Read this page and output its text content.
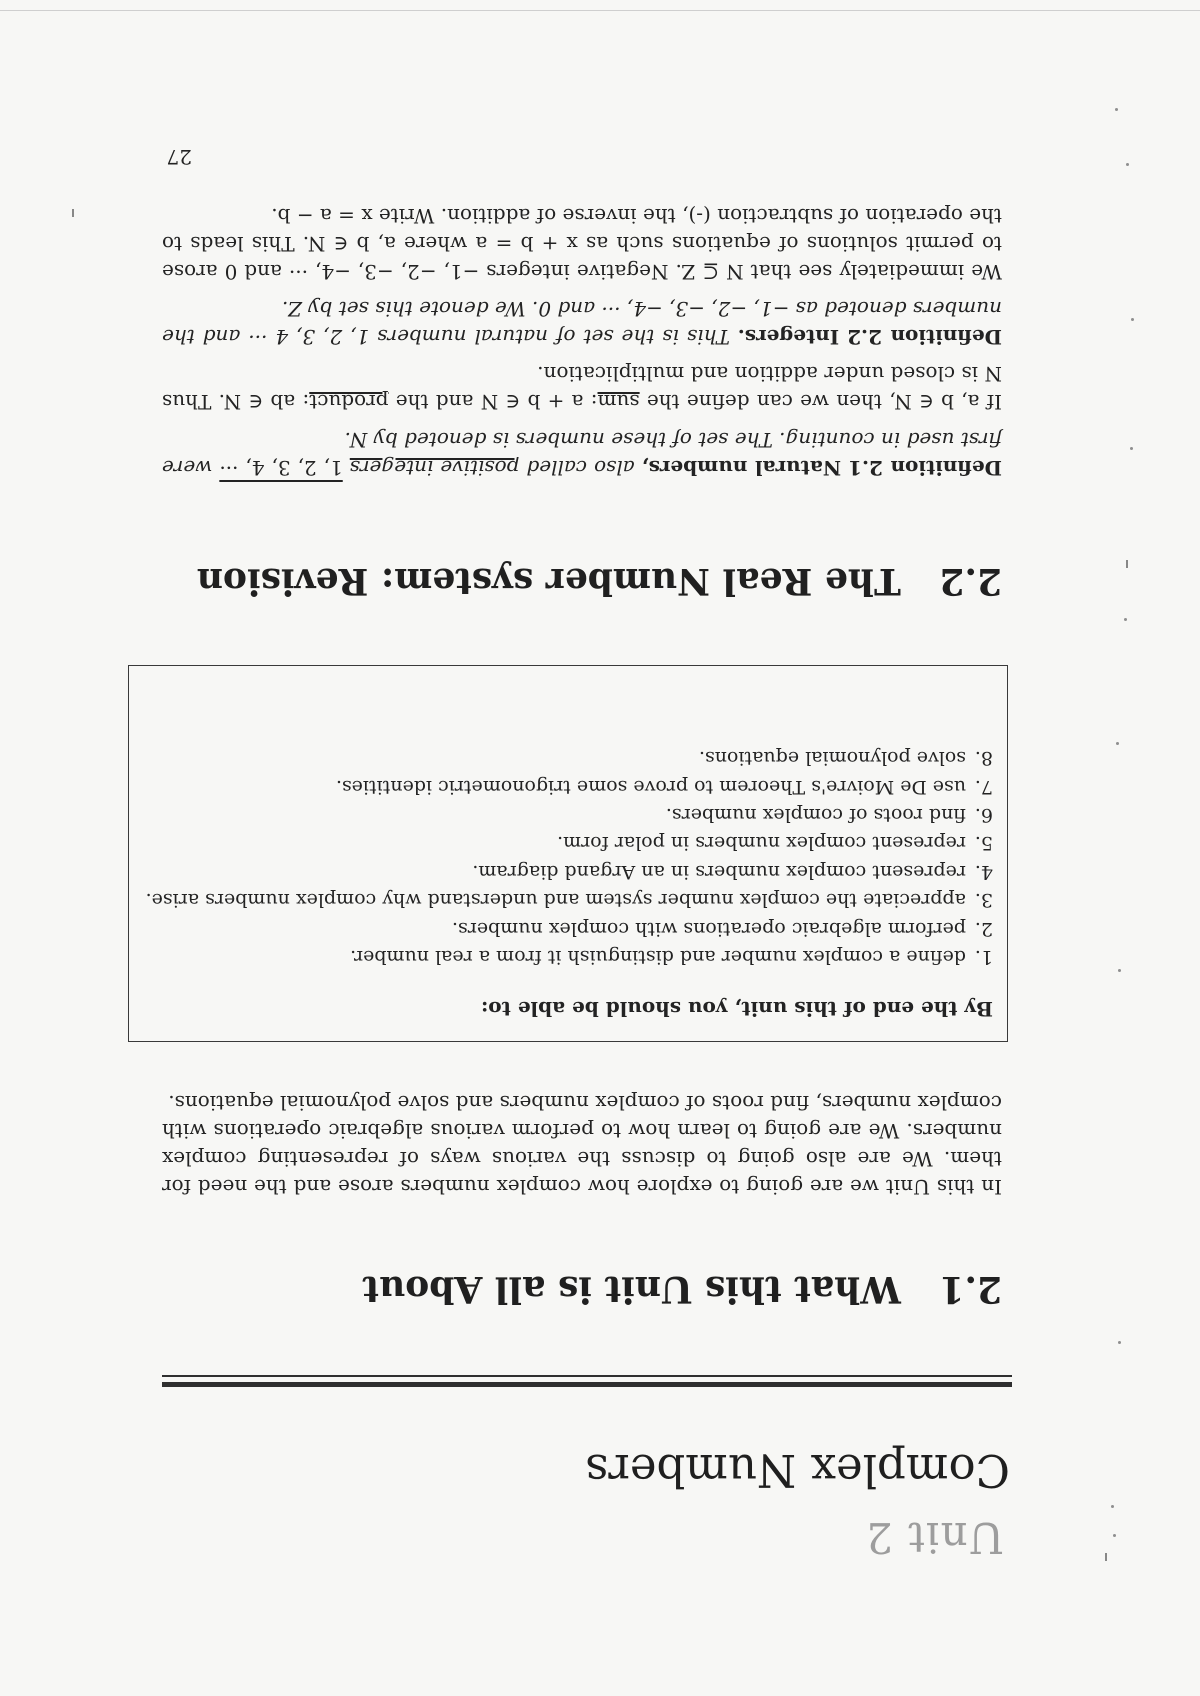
Unit 2
Complex Numbers
2.1 What this Unit is all About

In this Unit we are going to explore how complex numbers arose and the need for them. We are also going to discuss the various ways of representing complex numbers. We are going to learn how to perform various algebraic operations with complex numbers, find roots of complex numbers and solve polynomial equations.

By the end of this unit, you should be able to:
1.define a complex number and distinguish it from a real number.
2.perform algebraic operations with complex numbers.
3.appreciate the complex number system and understand why complex numbers arise.
4.represent complex numbers in an Argand diagram.
5.represent complex numbers in polar form.
6.find roots of complex numbers.
7.use De Moivre's Theorem to prove some trigonometric identities.
8.solve polynomial equations.
2.2 The Real Number system: Revision

Definition 2.1 Natural numbers, also called positive integers 1, 2, 3, 4, ··· were first used in counting. The set of these numbers is denoted by N.

If a, b ∈ N, then we can define the sum: a + b ∈ N and the product: ab ∈ N. Thus N is closed under addition and multiplication.

Definition 2.2 Integers. This is the set of natural numbers 1, 2, 3, 4 ··· and the numbers denoted as −1, −2, −3, −4, ··· and 0. We denote this set by Z.

We immediately see that N ⊆ Z. Negative integers −1, −2, −3, −4, ··· and 0 arose to permit solutions of equations such as x + b = a where a, b ∈ N. This leads to the operation of subtraction (-), the inverse of addition. Write x = a − b.

27
